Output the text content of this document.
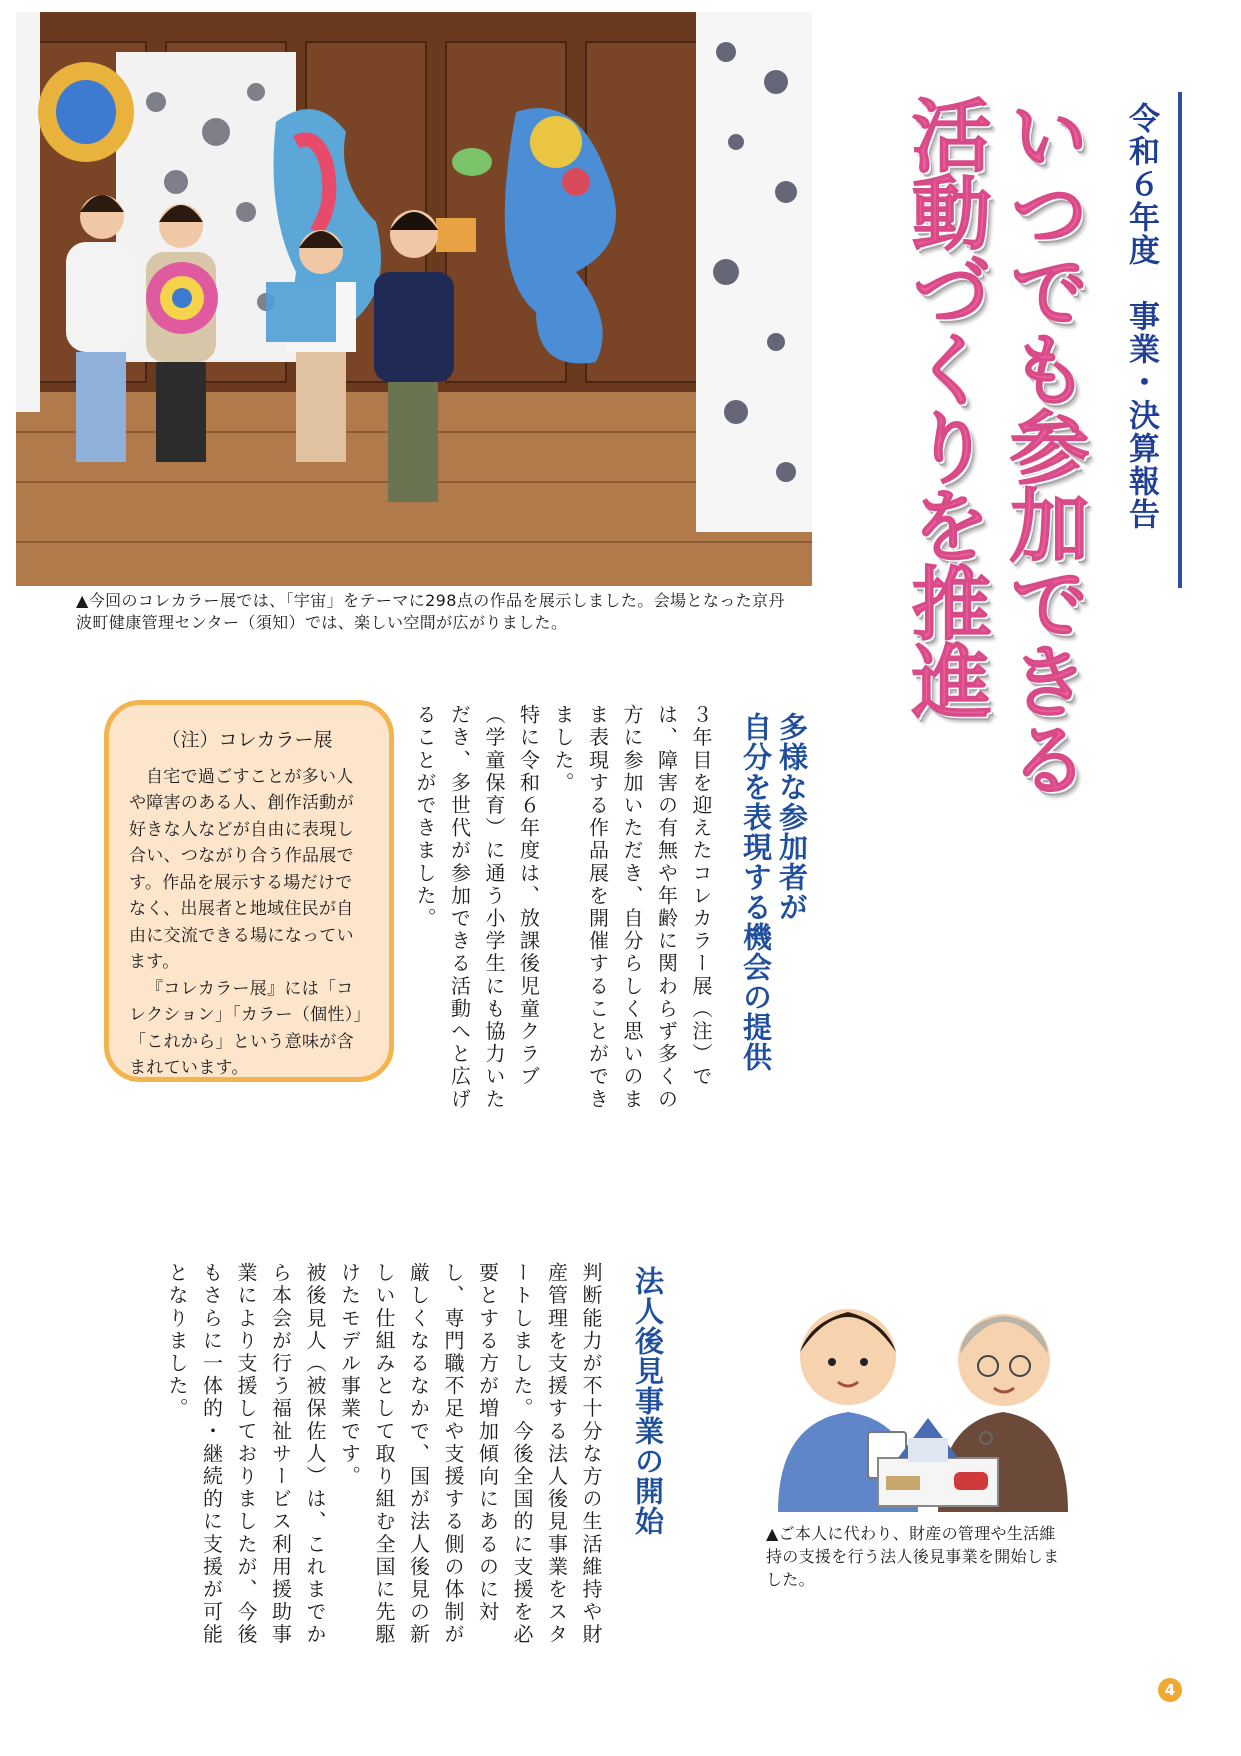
▲今回のコレカラー展では、「宇宙」をテーマに298点の作品を展示しました。会場となった京丹波町健康管理センター（須知）では、楽しい空間が広がりました。
令和６年度　事業・決算報告
いつでも参加できる
活動づくりを推進
多様な参加者が
自分を表現する機会の提供
３年目を迎えたコレカラー展（注）では、障害の有無や年齢に関わらず多くの方に参加いただき、自分らしく思いのまま表現する作品展を開催することができました。
特に令和６年度は、放課後児童クラブ（学童保育）に通う小学生にも協力いただき、多世代が参加できる活動へと広げることができました。
（注）コレカラー展

自宅で過ごすことが多い人や障害のある人、創作活動が好きな人などが自由に表現し合い、つながり合う作品展です。作品を展示する場だけでなく、出展者と地域住民が自由に交流できる場になっています。

『コレカラー展』には「コレクション」「カラー（個性）」「これから」という意味が含まれています。

法人後見事業の開始
判断能力が不十分な方の生活維持や財産管理を支援する法人後見事業をスタートしました。今後全国的に支援を必要とする方が増加傾向にあるのに対し、専門職不足や支援する側の体制が厳しくなるなかで、国が法人後見の新しい仕組みとして取り組む全国に先駆けたモデル事業です。
被後見人（被保佐人）は、これまでから本会が行う福祉サービス利用援助事業により支援しておりましたが、今後もさらに一体的・継続的に支援が可能となりました。
▲ご本人に代わり、財産の管理や生活維持の支援を行う法人後見事業を開始しました。
4
